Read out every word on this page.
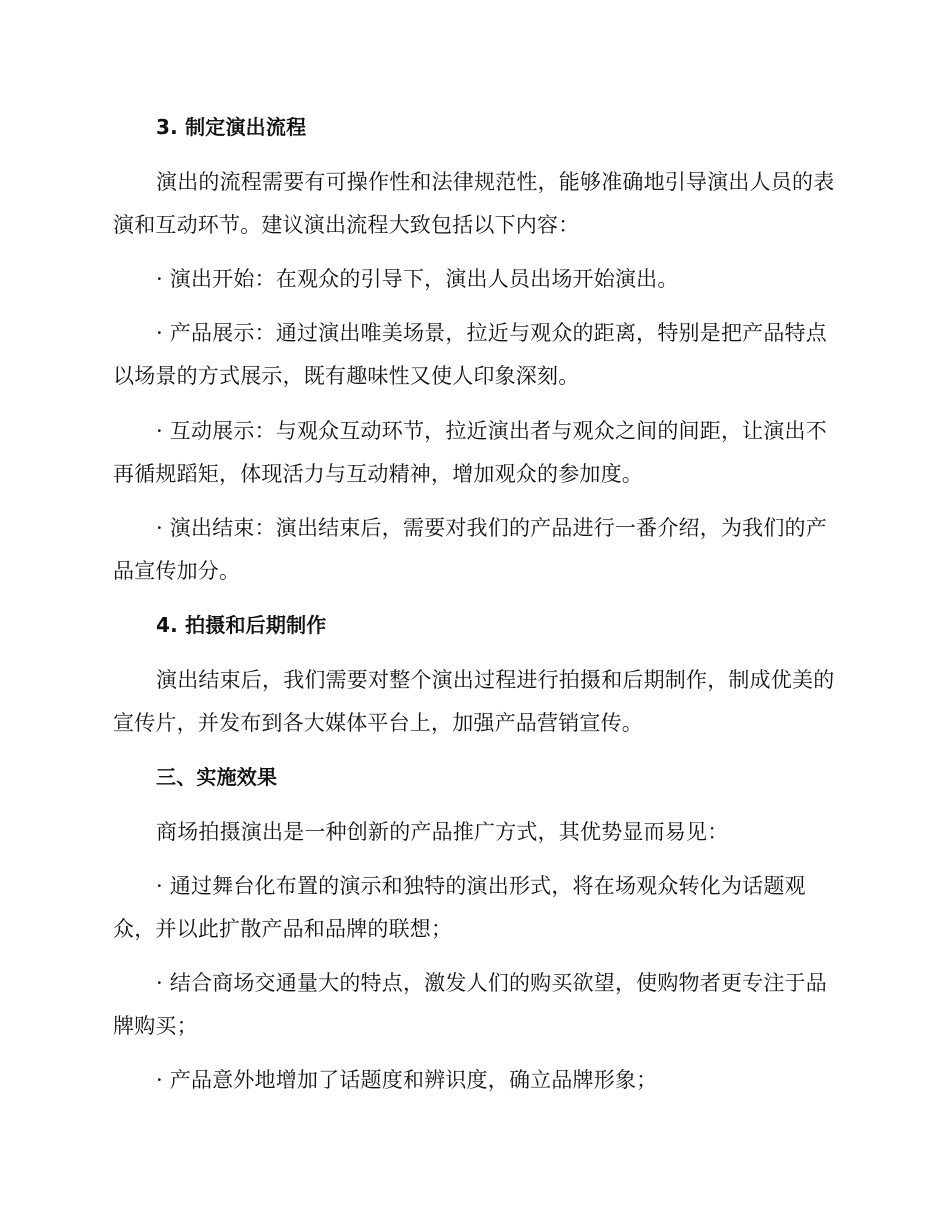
3. 制定演出流程
演出的流程需要有可操作性和法律规范性，能够准确地引导演出人员的表演和互动环节。建议演出流程大致包括以下内容：
· 演出开始：在观众的引导下，演出人员出场开始演出。
· 产品展示：通过演出唯美场景，拉近与观众的距离，特别是把产品特点以场景的方式展示，既有趣味性又使人印象深刻。
· 互动展示：与观众互动环节，拉近演出者与观众之间的间距，让演出不再循规蹈矩，体现活力与互动精神，增加观众的参加度。
· 演出结束：演出结束后，需要对我们的产品进行一番介绍，为我们的产品宣传加分。
4. 拍摄和后期制作
演出结束后，我们需要对整个演出过程进行拍摄和后期制作，制成优美的宣传片，并发布到各大媒体平台上，加强产品营销宣传。
三、实施效果
商场拍摄演出是一种创新的产品推广方式，其优势显而易见：
· 通过舞台化布置的演示和独特的演出形式，将在场观众转化为话题观众，并以此扩散产品和品牌的联想；
· 结合商场交通量大的特点，激发人们的购买欲望，使购物者更专注于品牌购买；
· 产品意外地增加了话题度和辨识度，确立品牌形象；
